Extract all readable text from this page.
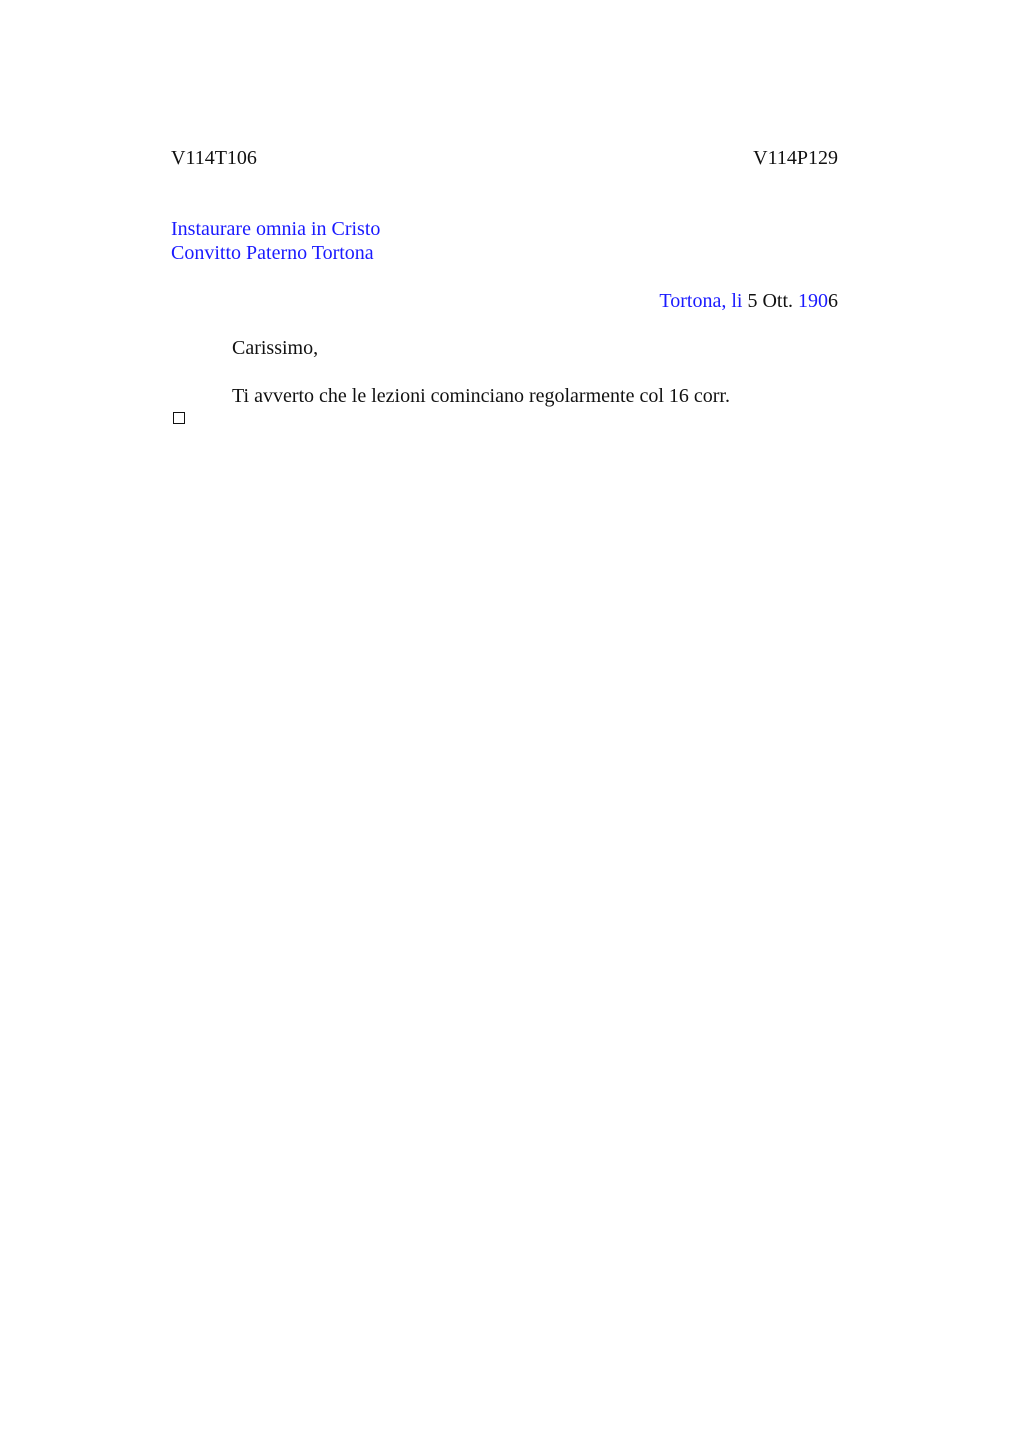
V114T106	V114P129
Instaurare omnia in Cristo
Convitto Paterno Tortona
Tortona, li 5 Ott. 1906
Carissimo,
Ti avverto che le lezioni cominciano regolarmente col 16 corr.
